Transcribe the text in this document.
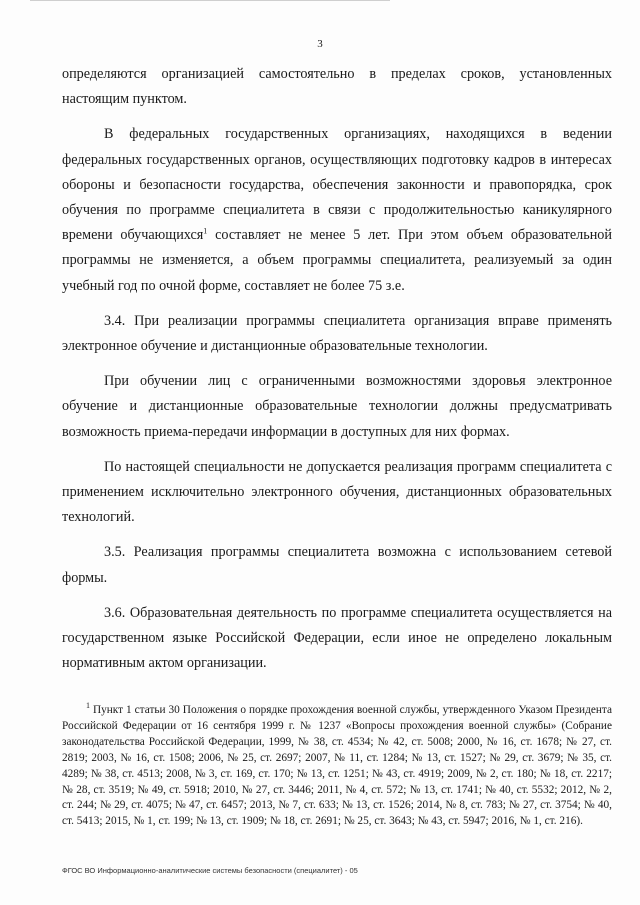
3

определяются организацией самостоятельно в пределах сроков, установленных настоящим пунктом.

В федеральных государственных организациях, находящихся в ведении федеральных государственных органов, осуществляющих подготовку кадров в интересах обороны и безопасности государства, обеспечения законности и правопорядка, срок обучения по программе специалитета в связи с продолжительностью каникулярного времени обучающихся$^1$ составляет не менее 5 лет. При этом объем образовательной программы не изменяется, а объем программы специалитета, реализуемый за один учебный год по очной форме, составляет не более 75 з.е.

3.4. При реализации программы специалитета организация вправе применять электронное обучение и дистанционные образовательные технологии.

При обучении лиц с ограниченными возможностями здоровья электронное обучение и дистанционные образовательные технологии должны предусматривать возможность приема-передачи информации в доступных для них формах.

По настоящей специальности не допускается реализация программ специалитета с применением исключительно электронного обучения, дистанционных образовательных технологий.

3.5. Реализация программы специалитета возможна с использованием сетевой формы.

3.6. Образовательная деятельность по программе специалитета осуществляется на государственном языке Российской Федерации, если иное не определено локальным нормативным актом организации.

$^1$ Пункт 1 статьи 30 Положения о порядке прохождения военной службы, утвержденного Указом Президента Российской Федерации от 16 сентября 1999 г. № 1237 «Вопросы прохождения военной службы» (Собрание законодательства Российской Федерации, 1999, № 38, ст. 4534; № 42, ст. 5008; 2000, № 16, ст. 1678; № 27, ст. 2819; 2003, № 16, ст. 1508; 2006, № 25, ст. 2697; 2007, № 11, ст. 1284; № 13, ст. 1527; № 29, ст. 3679; № 35, ст. 4289; № 38, ст. 4513; 2008, № 3, ст. 169, ст. 170; № 13, ст. 1251; № 43, ст. 4919; 2009, № 2, ст. 180; № 18, ст. 2217; № 28, ст. 3519; № 49, ст. 5918; 2010, № 27, ст. 3446; 2011, № 4, ст. 572; № 13, ст. 1741; № 40, ст. 5532; 2012, № 2, ст. 244; № 29, ст. 4075; № 47, ст. 6457; 2013, № 7, ст. 633; № 13, ст. 1526; 2014, № 8, ст. 783; № 27, ст. 3754; № 40, ст. 5413; 2015, № 1, ст. 199; № 13, ст. 1909; № 18, ст. 2691; № 25, ст. 3643; № 43, ст. 5947; 2016, № 1, ст. 216).

ФГОС ВО Информационно-аналитические системы безопасности (специалитет) - 05
